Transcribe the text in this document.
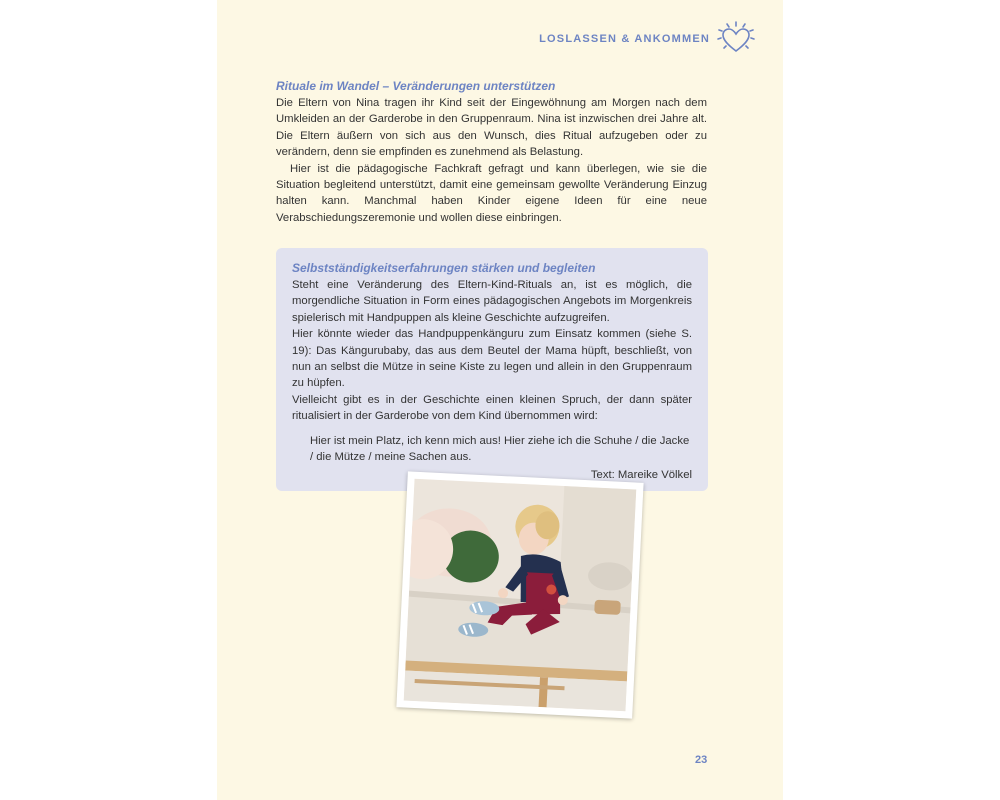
LOSLASSEN & ANKOMMEN

Rituale im Wandel – Veränderungen unterstützen

Die Eltern von Nina tragen ihr Kind seit der Eingewöhnung am Morgen nach dem Umkleiden an der Garderobe in den Gruppenraum. Nina ist inzwischen drei Jahre alt. Die Eltern äußern von sich aus den Wunsch, dies Ritual aufzugeben oder zu verändern, denn sie empfinden es zunehmend als Belastung.

Hier ist die pädagogische Fachkraft gefragt und kann überlegen, wie sie die Situation begleitend unterstützt, damit eine gemeinsam gewollte Veränderung Einzug halten kann. Manchmal haben Kinder eigene Ideen für eine neue Verabschiedungszeremonie und wollen diese einbringen.

Selbstständigkeitserfahrungen stärken und begleiten

Steht eine Veränderung des Eltern-Kind-Rituals an, ist es möglich, die morgendliche Situation in Form eines pädagogischen Angebots im Morgenkreis spielerisch mit Handpuppen als kleine Geschichte aufzugreifen.

Hier könnte wieder das Handpuppenkänguru zum Einsatz kommen (siehe S. 19): Das Kängurubaby, das aus dem Beutel der Mama hüpft, beschließt, von nun an selbst die Mütze in seine Kiste zu legen und allein in den Gruppenraum zu hüpfen.

Vielleicht gibt es in der Geschichte einen kleinen Spruch, der dann später ritualisiert in der Garderobe von dem Kind übernommen wird:

Hier ist mein Platz, ich kenn mich aus! Hier ziehe ich die Schuhe / die Jacke / die Mütze / meine Sachen aus.

Text: Mareike Völkel

23
